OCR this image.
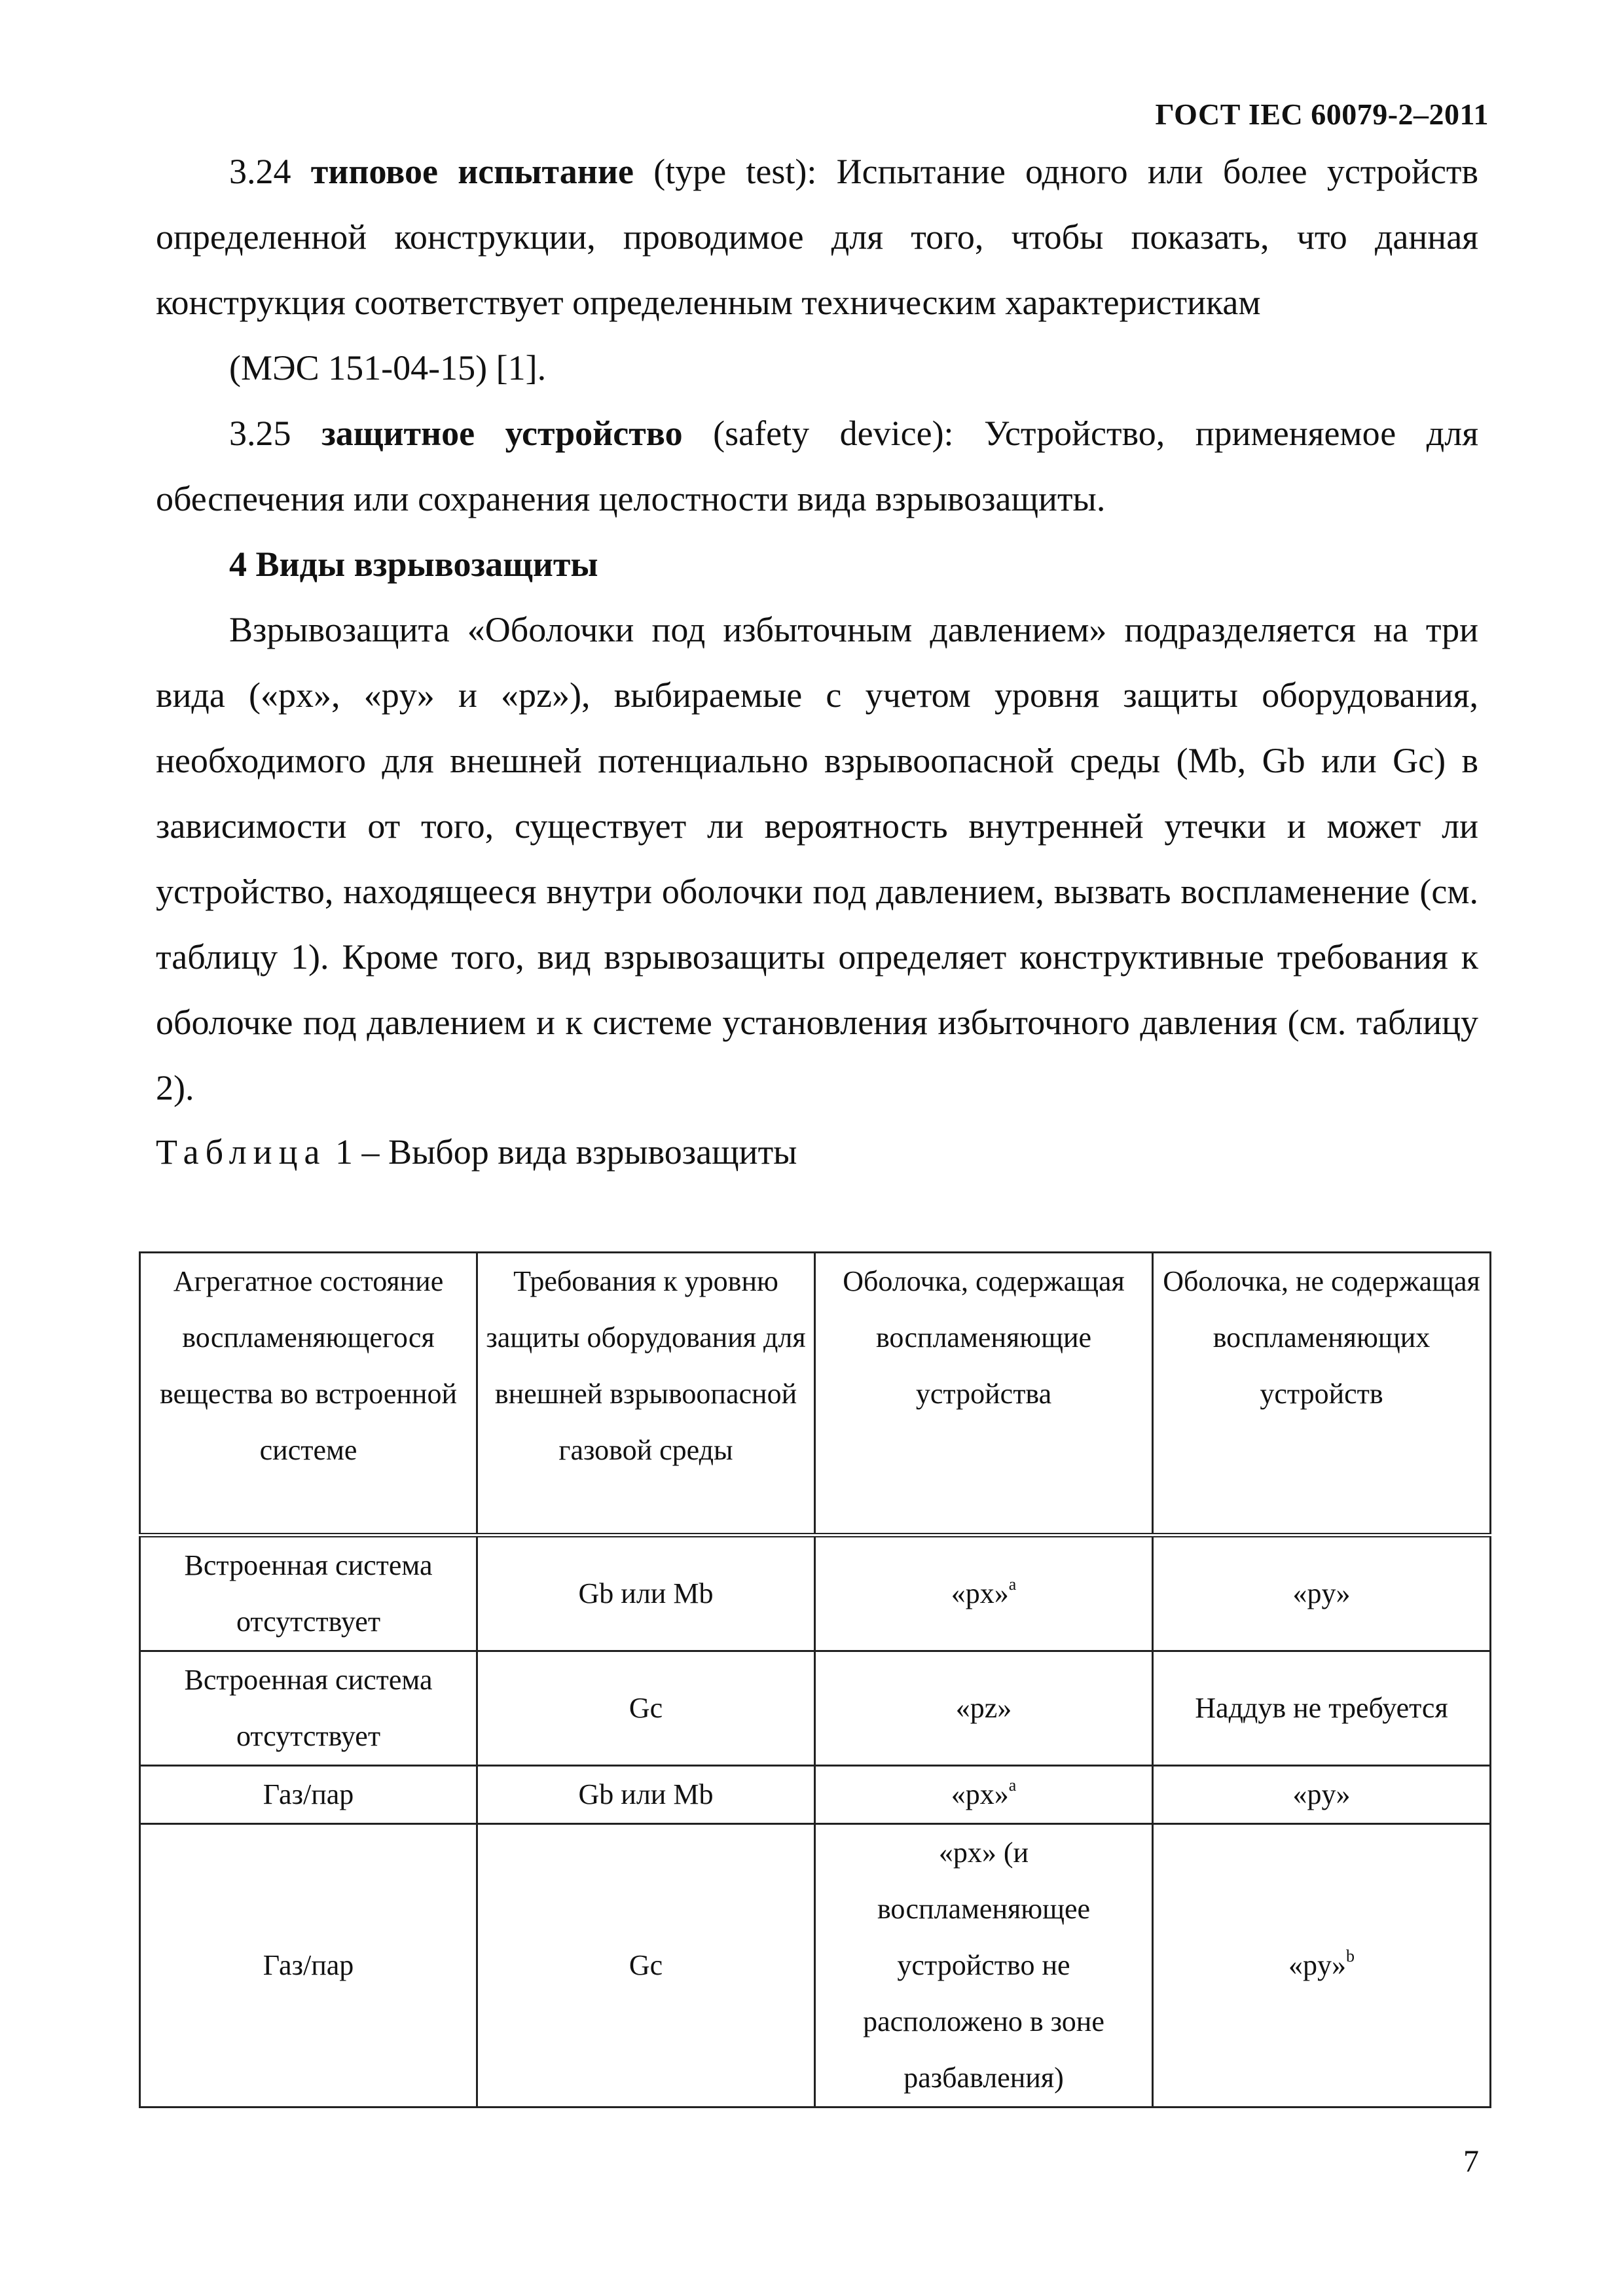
ГОСТ IEC 60079-2–2011

3.24 типовое испытание (type test): Испытание одного или более устройств определенной конструкции, проводимое для того, чтобы показать, что данная конструкция соответствует определенным техническим характеристикам

(МЭС 151-04-15) [1].

3.25 защитное устройство (safety device): Устройство, применяемое для обеспечения или сохранения целостности вида взрывозащиты.

4 Виды взрывозащиты

Взрывозащита «Оболочки под избыточным давлением» подразделяется на три вида («px», «py» и «pz»), выбираемые с учетом уровня защиты оборудования, необходимого для внешней потенциально взрывоопасной среды (Mb, Gb или Gc) в зависимости от того, существует ли вероятность внутренней утечки и может ли устройство, находящееся внутри оболочки под давлением, вызвать воспламенение (см. таблицу 1). Кроме того, вид взрывозащиты определяет конструктивные требования к оболочке под давлением и к системе установления избыточного давления (см. таблицу 2).

Таблица 1 – Выбор вида взрывозащиты

Агрегатное состояние воспламеняющегося вещества во встроенной системе	Требования к уровню защиты оборудования для внешней взрывоопасной газовой среды	Оболочка, содержащая воспламеняющие устройства	Оболочка, не содержащая воспламеняющих устройств
Встроенная система отсутствует	Gb или Mb	«px»$^a$	«py»
Встроенная система отсутствует	Gc	«pz»	Наддув не требуется
Газ/пар	Gb или Mb	«px»$^a$	«py»
Газ/пар	Gc	«px» (и воспламеняющее устройство не расположено в зоне разбавления)	«py»$^b$
7
